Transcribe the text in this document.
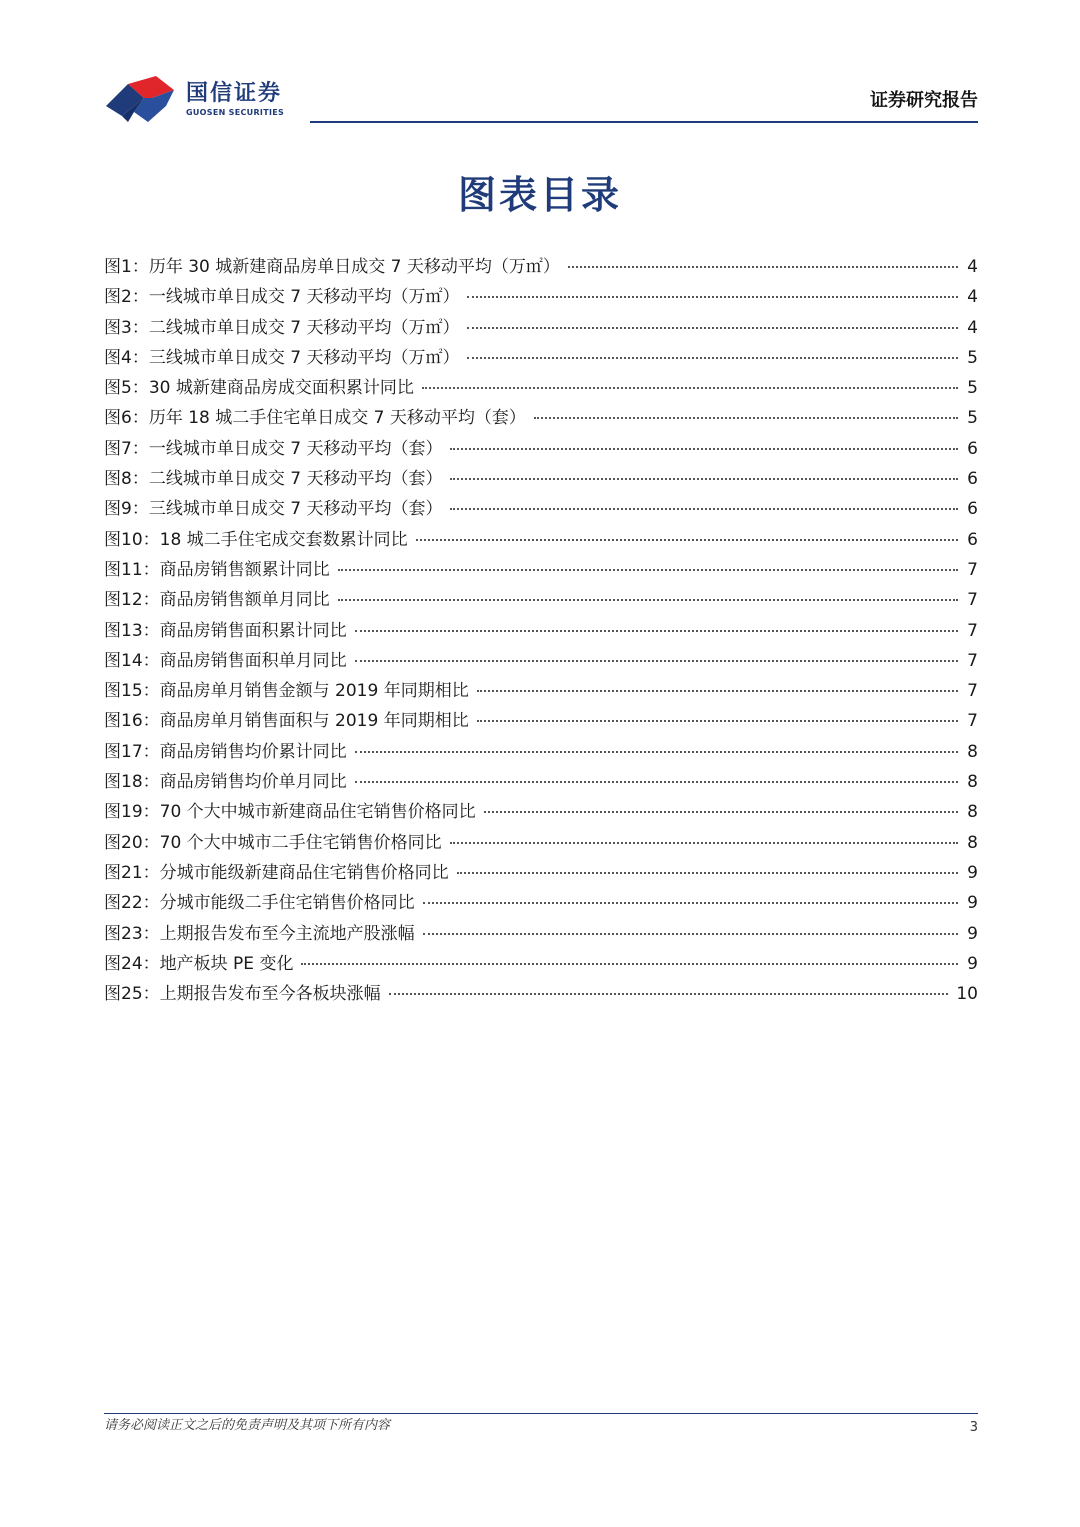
国信证券
GUOSEN SECURITIES
证券研究报告
图表目录
图1： 历年 30 城新建商品房单日成交 7 天移动平均（万㎡）	4
图2： 一线城市单日成交 7 天移动平均（万㎡）	4
图3： 二线城市单日成交 7 天移动平均（万㎡）	4
图4： 三线城市单日成交 7 天移动平均（万㎡）	5
图5： 30 城新建商品房成交面积累计同比	5
图6： 历年 18 城二手住宅单日成交 7 天移动平均（套）	5
图7： 一线城市单日成交 7 天移动平均（套）	6
图8： 二线城市单日成交 7 天移动平均（套）	6
图9： 三线城市单日成交 7 天移动平均（套）	6
图10： 18 城二手住宅成交套数累计同比	6
图11： 商品房销售额累计同比	7
图12： 商品房销售额单月同比	7
图13： 商品房销售面积累计同比	7
图14： 商品房销售面积单月同比	7
图15： 商品房单月销售金额与 2019 年同期相比	7
图16： 商品房单月销售面积与 2019 年同期相比	7
图17： 商品房销售均价累计同比	8
图18： 商品房销售均价单月同比	8
图19： 70 个大中城市新建商品住宅销售价格同比	8
图20： 70 个大中城市二手住宅销售价格同比	8
图21： 分城市能级新建商品住宅销售价格同比	9
图22： 分城市能级二手住宅销售价格同比	9
图23： 上期报告发布至今主流地产股涨幅	9
图24： 地产板块 PE 变化	9
图25： 上期报告发布至今各板块涨幅	10
请务必阅读正文之后的免责声明及其项下所有内容	3
